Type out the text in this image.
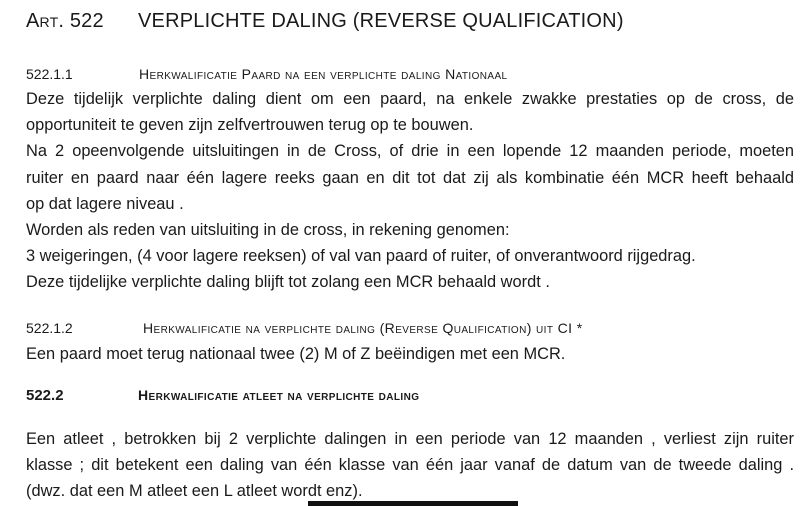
Art. 522 VERPLICHTE DALING (REVERSE QUALIFICATION)
522.1.1	Herkwalificatie Paard na een verplichte daling Nationaal
Deze tijdelijk verplichte daling dient om een paard, na enkele zwakke prestaties op de cross, de
opportuniteit te geven zijn zelfvertrouwen terug op te bouwen.
Na 2 opeenvolgende uitsluitingen in de Cross, of drie in een lopende 12 maanden periode, moeten
ruiter en paard naar één lagere reeks gaan en dit tot dat zij als kombinatie één MCR heeft behaald
op dat lagere niveau .
Worden als reden van uitsluiting in de cross, in rekening genomen:
3 weigeringen, (4 voor lagere reeksen) of val van paard of ruiter, of onverantwoord rijgedrag.
Deze tijdelijke verplichte daling blijft tot zolang een MCR behaald wordt .
522.1.2	Herkwalificatie na verplichte daling (Reverse Qualification) uit CI *
Een paard moet terug nationaal twee (2) M of Z beëindigen met een MCR.
522.2	Herkwalificatie atleet na verplichte daling
Een atleet , betrokken bij 2 verplichte dalingen in een periode van 12 maanden , verliest zijn ruiter
klasse ; dit betekent een daling van één klasse van één jaar vanaf de datum van de tweede daling .
(dwz. dat een M atleet een L atleet wordt enz).
